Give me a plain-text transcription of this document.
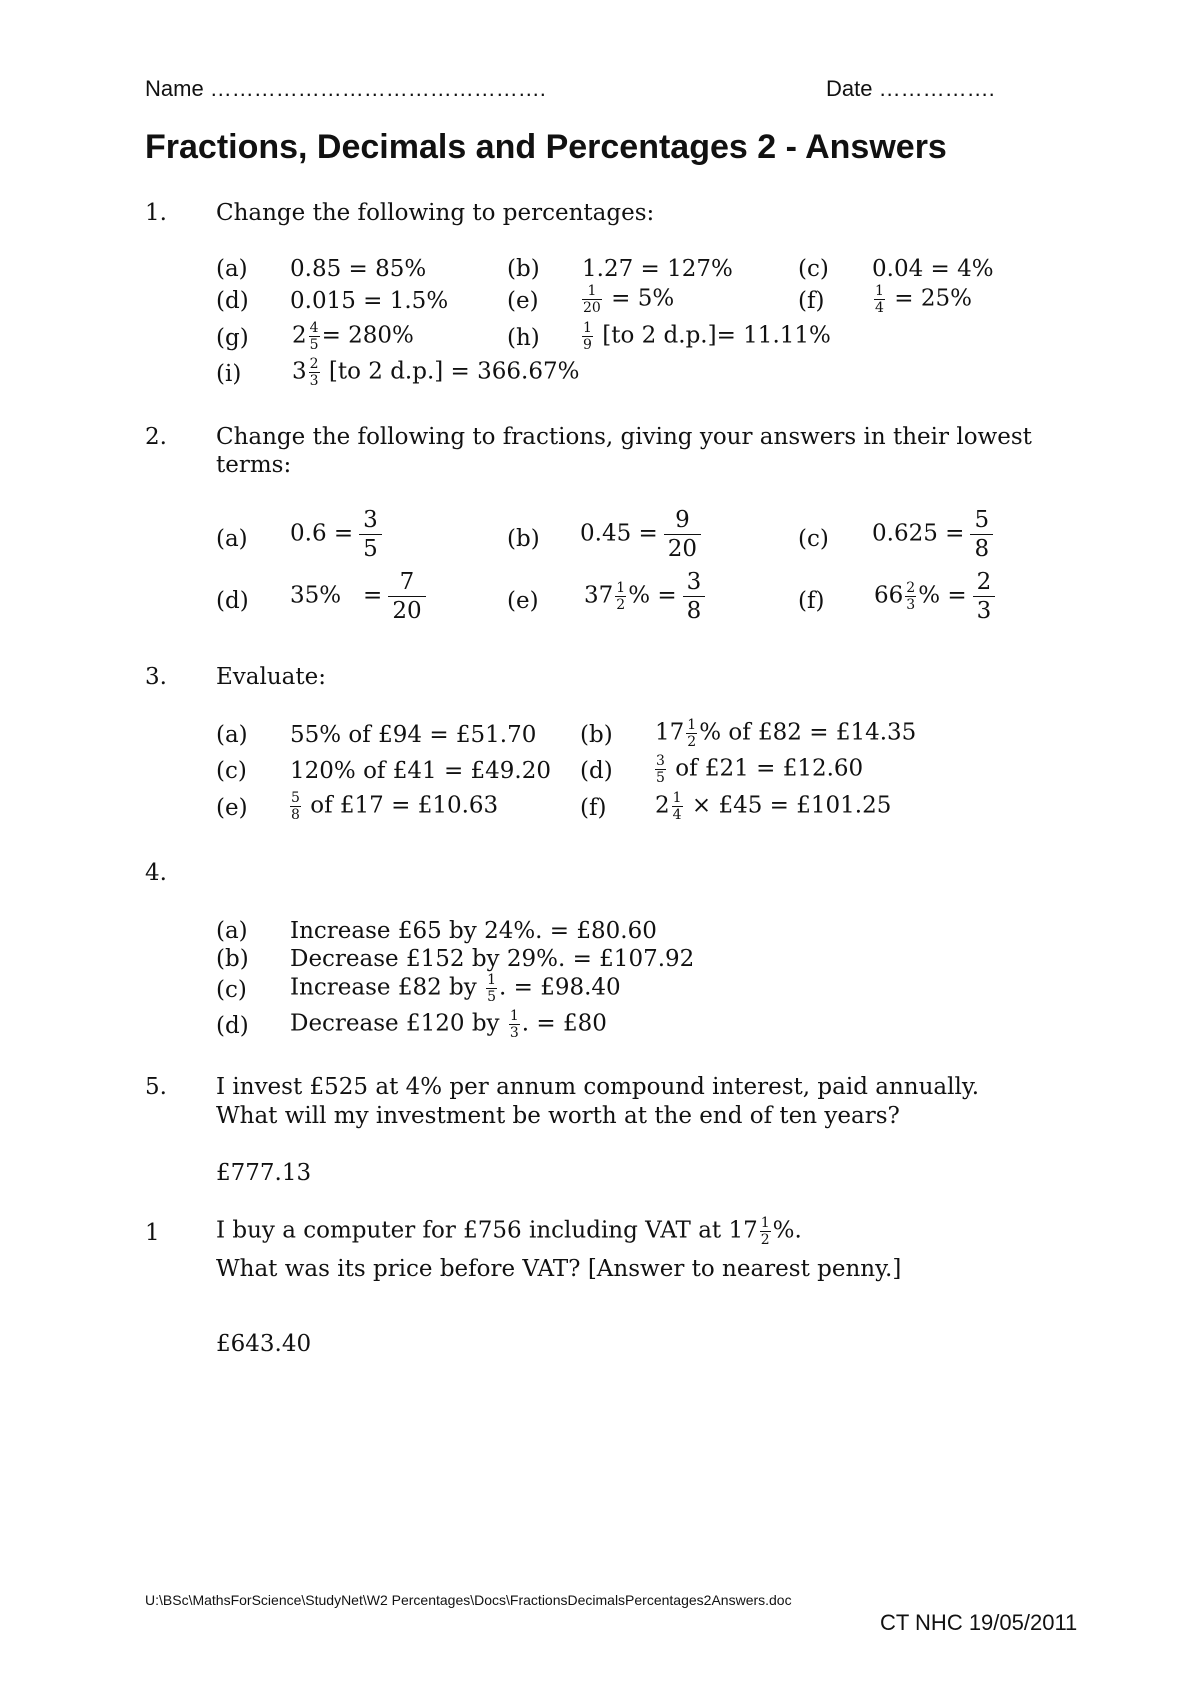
Name ……………………………………….	Date …………….
Fractions, Decimals and Percentages 2 - Answers
1. Change the following to percentages:
(a) 0.85 = 85%	(b) 1.27 = 127%	(c) 0.04 = 4%
(d) 0.015 = 1.5%	(e)	$\frac{1}{20} = 5\%$	(f)	$\frac{1}{4} = 25\%$
(g) $2 \frac{4}{5} = 280\%$	(h)	$\frac{1}{9} [to$ 2 d.p.]= 11.11%
(i) $3 \frac{2}{3} [to$ 2 d.p.] = 366.67%
2. Change the following to fractions, giving your answers in their lowest
terms:
(a) $0.6 = \frac{3}{5}$	(b) $0.45 = \frac{9}{20}$	(c) $0.625 = \frac{5}{8}$
(d) $35\% = \frac{7}{20}$	(e) $37 \frac{1}{2}$ % = $\frac{3}{8}$	(f) $66 \frac{2}{3}$ % = $\frac{2}{3}$
3. Evaluate:
(a) 55% of £94 = £51.70 (b) $17 \frac{1}{2}$ % of £82 = £14.35
(c) 120% of £41 = £49.20 (d)	$\frac{3}{5}$ of £21 = £12.60
(e)	$\frac{5}{8}$ of £17 = £10.63	(f) $2 \frac{1}{4}$ × £45 = £101.25
4.
(a) Increase £65 by 24%. = £80.60
(b) Decrease £152 by 29%. = £107.92
(c) Increase £82 by $\frac{1}{5}$ . = £98.40
(d) Decrease £120 by $\frac{1}{3}$ . = £80
5. I invest £525 at 4% per annum compound interest, paid annually.
What will my investment be worth at the end of ten years?
£777.13
1 I buy a computer for £756 including VAT at $17 \frac{1}{2}$ %.
What was its price before VAT? [Answer to nearest penny.]
£643.40
U:\BSc\MathsForScience\StudyNet\W2 Percentages\Docs\FractionsDecimalsPercentages2Answers.doc
CT NHC 19/05/2011
